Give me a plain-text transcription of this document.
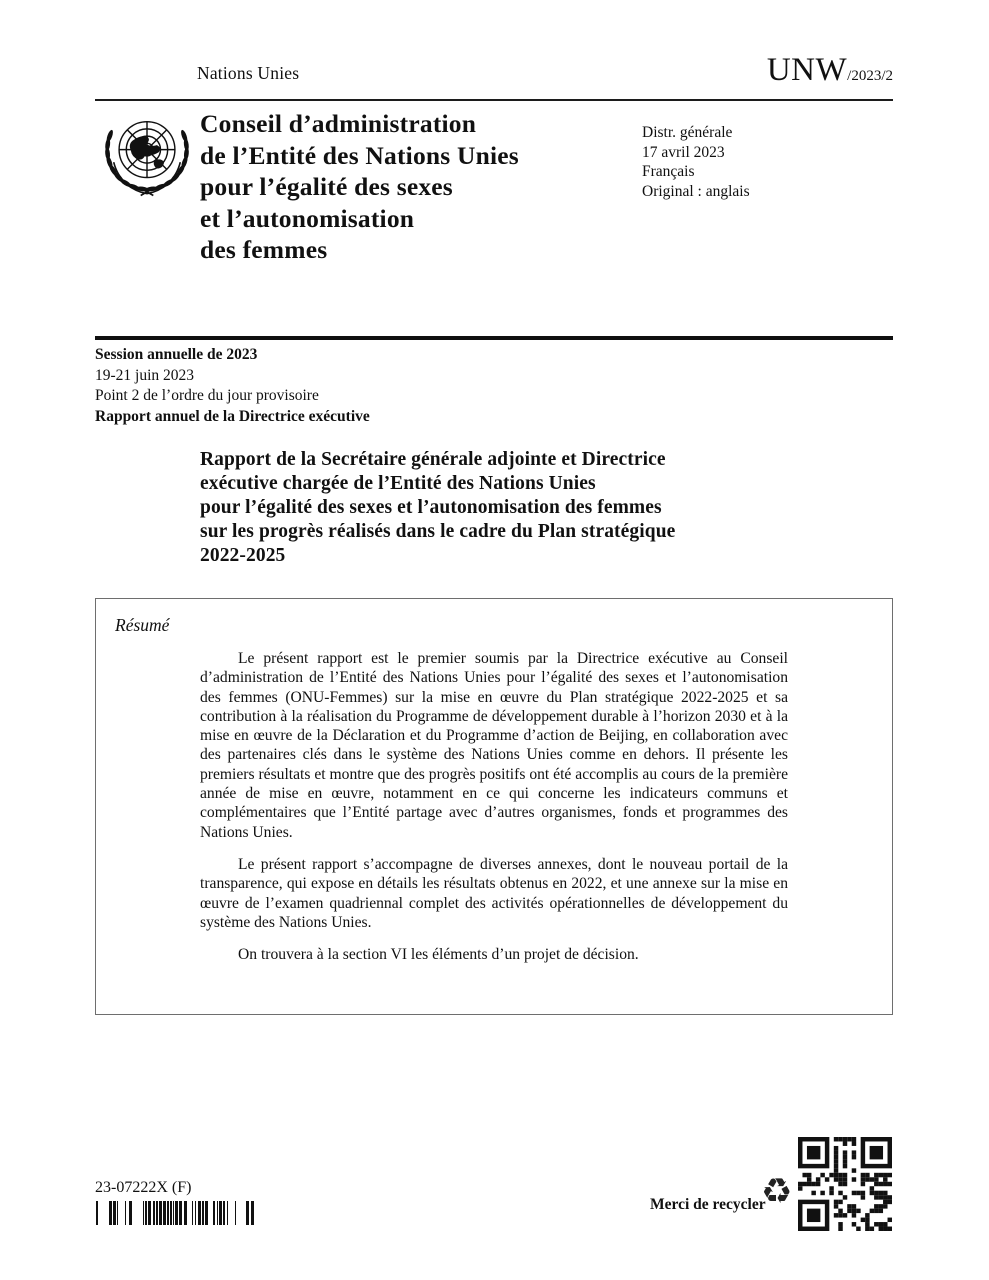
Nations Unies	UNW/2023/2
Conseil d’administration
de l’Entité des Nations Unies
pour l’égalité des sexes
et l’autonomisation
des femmes
Distr. générale
17 avril 2023
Français
Original : anglais
Session annuelle de 2023
19-21 juin 2023
Point 2 de l’ordre du jour provisoire
Rapport annuel de la Directrice exécutive
Rapport de la Secrétaire générale adjointe et Directrice
exécutive chargée de l’Entité des Nations Unies
pour l’égalité des sexes et l’autonomisation des femmes
sur les progrès réalisés dans le cadre du Plan stratégique
2022-2025
Résumé

Le présent rapport est le premier soumis par la Directrice exécutive au Conseil d’administration de l’Entité des Nations Unies pour l’égalité des sexes et l’autonomisation des femmes (ONU-Femmes) sur la mise en œuvre du Plan stratégique 2022-2025 et sa contribution à la réalisation du Programme de développement durable à l’horizon 2030 et à la mise en œuvre de la Déclaration et du Programme d’action de Beijing, en collaboration avec des partenaires clés dans le système des Nations Unies comme en dehors. Il présente les premiers résultats et montre que des progrès positifs ont été accomplis au cours de la première année de mise en œuvre, notamment en ce qui concerne les indicateurs communs et complémentaires que l’Entité partage avec d’autres organismes, fonds et programmes des Nations Unies.

Le présent rapport s’accompagne de diverses annexes, dont le nouveau portail de la transparence, qui expose en détails les résultats obtenus en 2022, et une annexe sur la mise en œuvre de l’examen quadriennal complet des activités opérationnelles de développement du système des Nations Unies.

On trouvera à la section VI les éléments d’un projet de décision.

23-07222X (F)
Merci de recycler
♻
